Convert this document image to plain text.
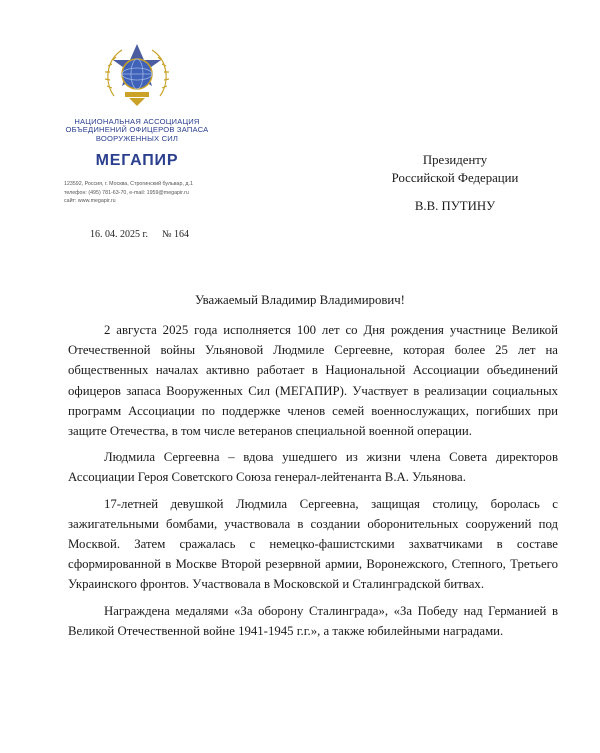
НАЦИОНАЛЬНАЯ АССОЦИАЦИЯ
ОБЪЕДИНЕНИЙ ОФИЦЕРОВ ЗАПАСА
ВООРУЖЕННЫХ СИЛ
МЕГАПИР
123592, Россия, г. Москва, Строгинский бульвар, д.1
телефон: (495) 781-63-70, e-mail: 1959@megapir.ru
сайт: www.megapir.ru
16. 04. 2025 г. № 164
Президенту
Российской Федерации
В.В. ПУТИНУ
Уважаемый Владимир Владимирович!

2 августа 2025 года исполняется 100 лет со Дня рождения участнице Великой Отечественной войны Ульяновой Людмиле Сергеевне, которая более 25 лет на общественных началах активно работает в Национальной Ассоциации объединений офицеров запаса Вооруженных Сил (МЕГАПИР). Участвует в реализации социальных программ Ассоциации по поддержке членов семей военнослужащих, погибших при защите Отечества, в том числе ветеранов специальной военной операции.

Людмила Сергеевна – вдова ушедшего из жизни члена Совета директоров Ассоциации Героя Советского Союза генерал-лейтенанта В.А. Ульянова.

17-летней девушкой Людмила Сергеевна, защищая столицу, боролась с зажигательными бомбами, участвовала в создании оборонительных сооружений под Москвой. Затем сражалась с немецко-фашистскими захватчиками в составе сформированной в Москве Второй резервной армии, Воронежского, Степного, Третьего Украинского фронтов. Участвовала в Московской и Сталинградской битвах.

Награждена медалями «За оборону Сталинграда», «За Победу над Германией в Великой Отечественной войне 1941-1945 г.г.», а также юбилейными наградами.
